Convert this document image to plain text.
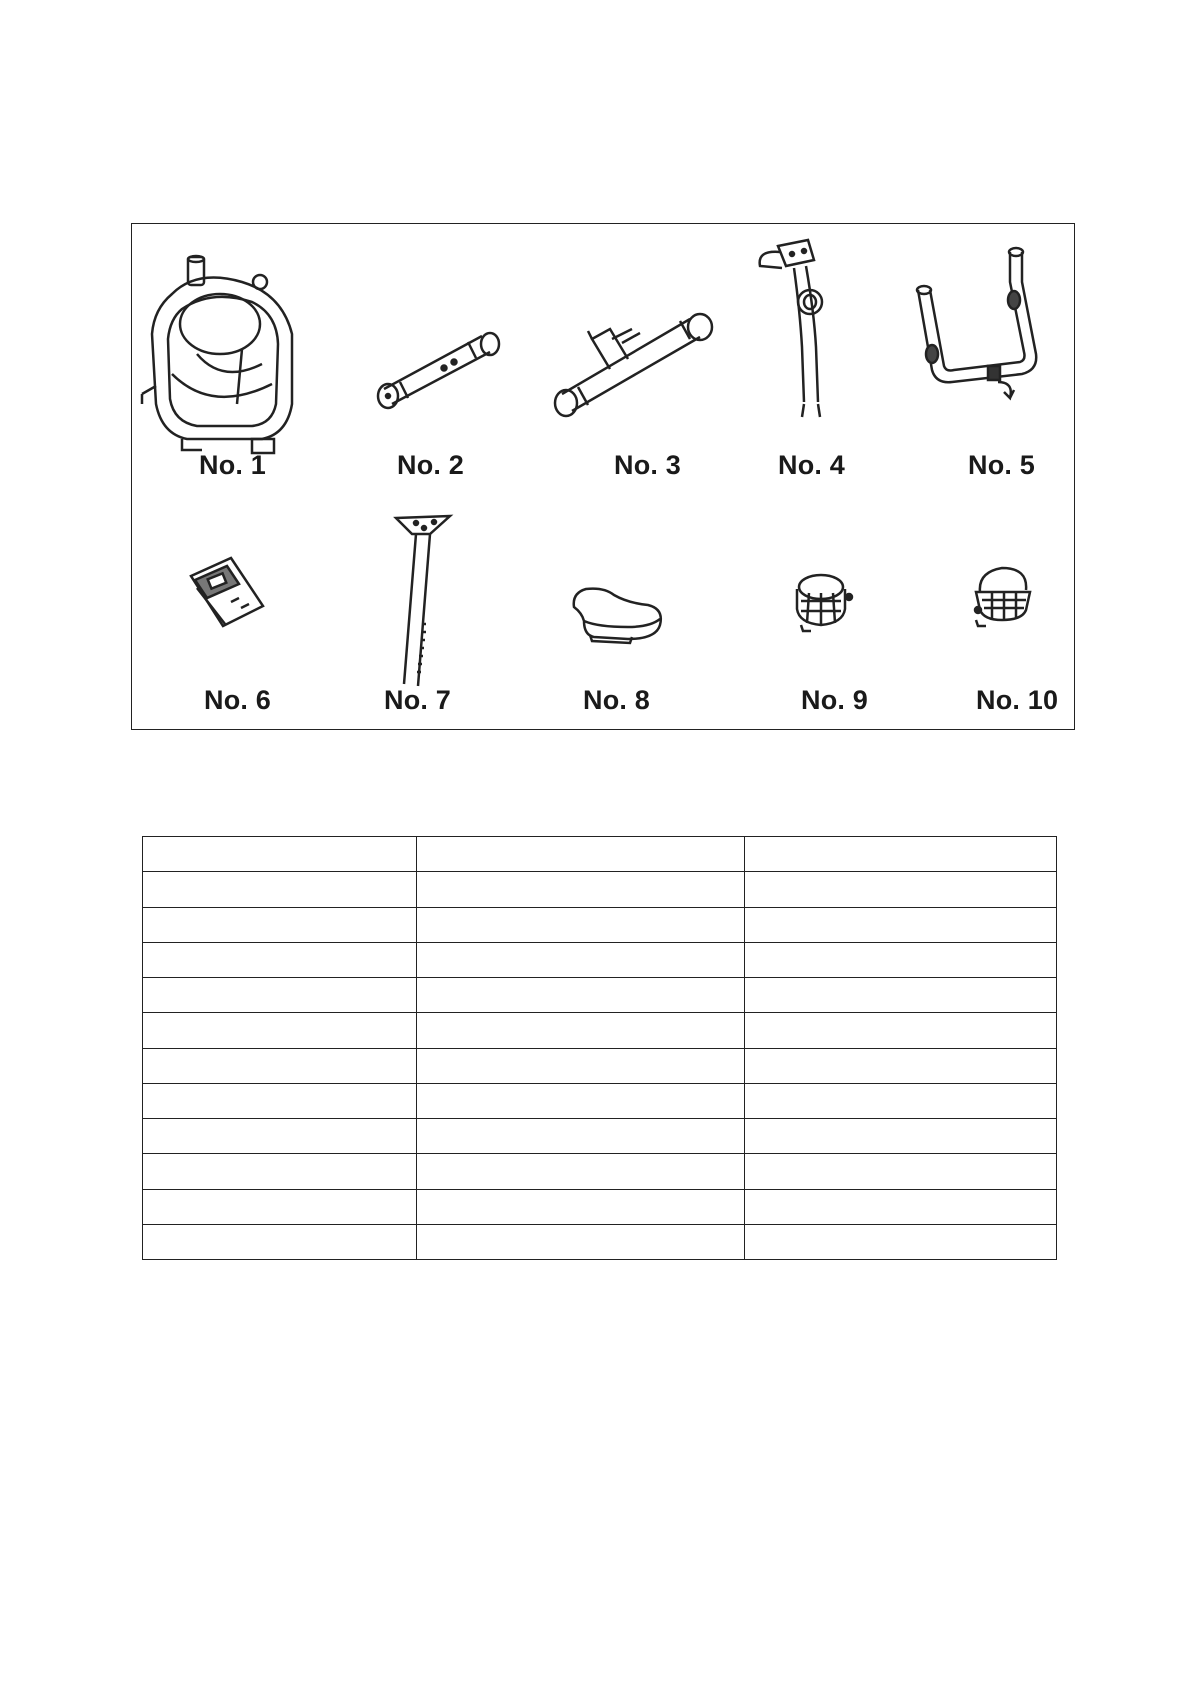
No. 1	No. 2	No. 3	No. 4	No. 5
No. 6	No. 7	No. 8	No. 9	No. 10
